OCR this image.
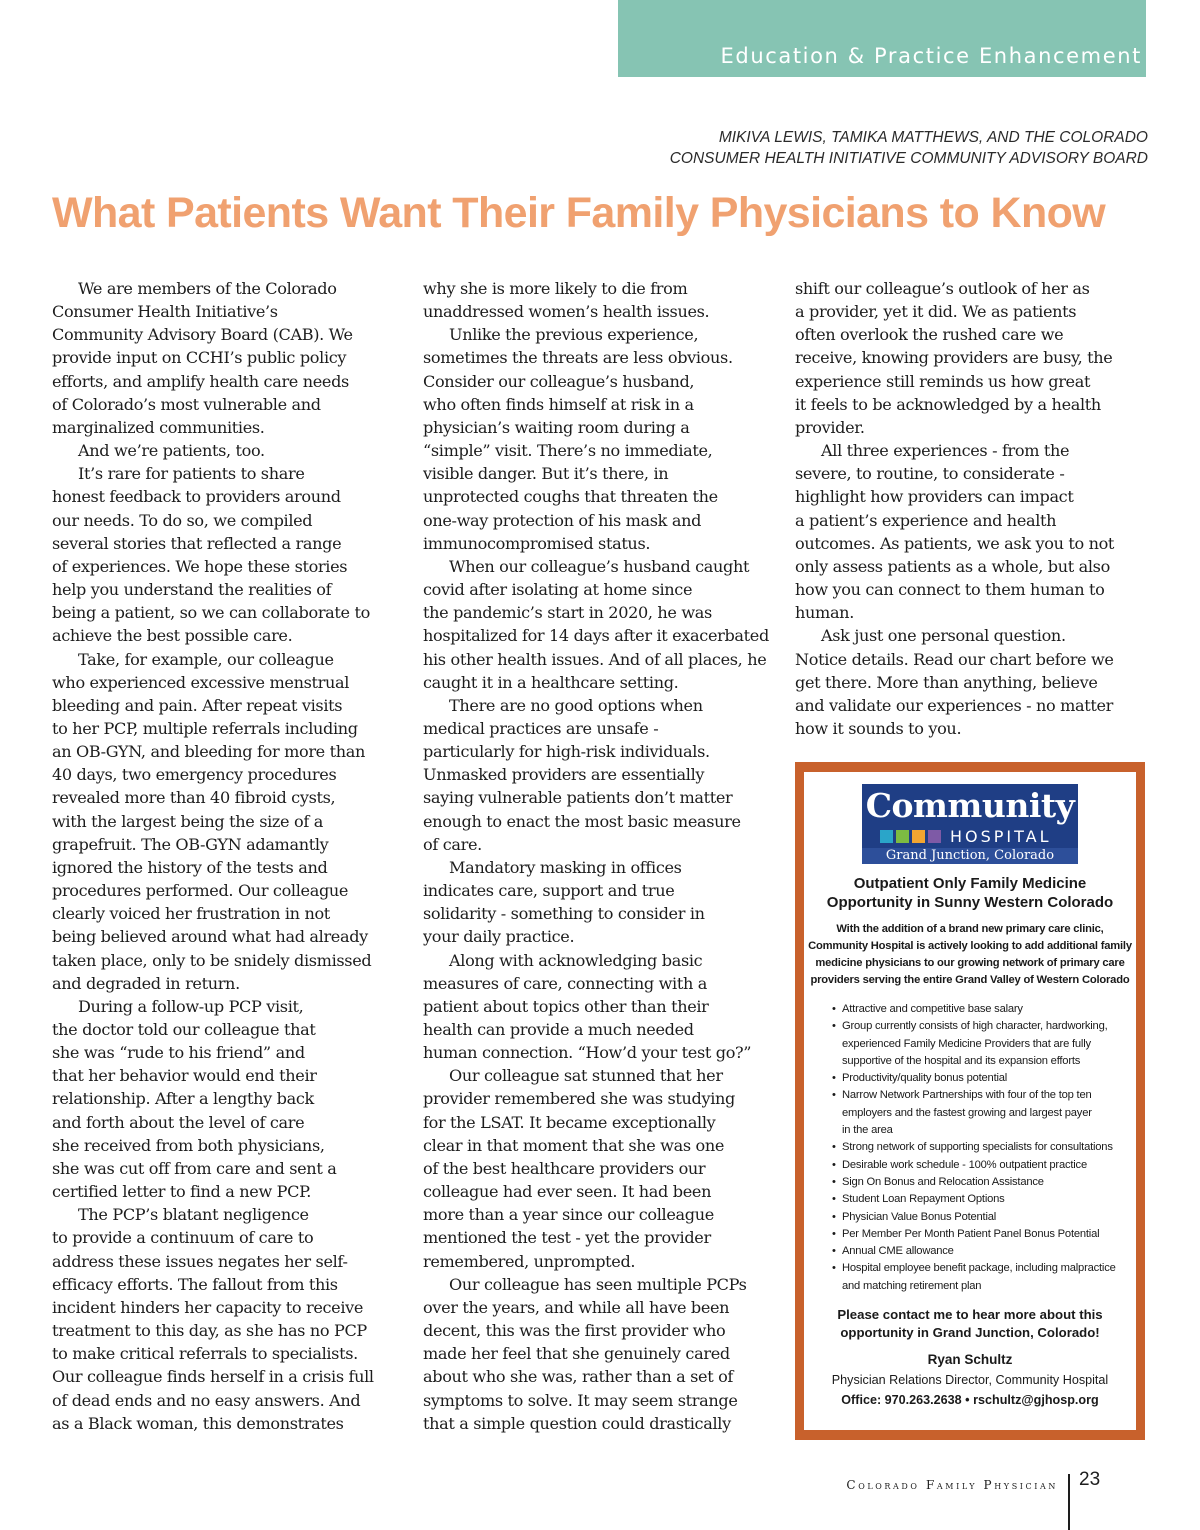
Education & Practice Enhancement
MIKIVA LEWIS, TAMIKA MATTHEWS, AND THE COLORADO
CONSUMER HEALTH INITIATIVE COMMUNITY ADVISORY BOARD
What Patients Want Their Family Physicians to Know

We are members of the Colorado
Consumer Health Initiative’s
Community Advisory Board (CAB). We
provide input on CCHI’s public policy
efforts, and amplify health care needs
of Colorado’s most vulnerable and
marginalized communities.

And we’re patients, too.

It’s rare for patients to share
honest feedback to providers around
our needs. To do so, we compiled
several stories that reflected a range
of experiences. We hope these stories
help you understand the realities of
being a patient, so we can collaborate to
achieve the best possible care.

Take, for example, our colleague
who experienced excessive menstrual
bleeding and pain. After repeat visits
to her PCP, multiple referrals including
an OB-GYN, and bleeding for more than
40 days, two emergency procedures
revealed more than 40 fibroid cysts,
with the largest being the size of a
grapefruit. The OB-GYN adamantly
ignored the history of the tests and
procedures performed. Our colleague
clearly voiced her frustration in not
being believed around what had already
taken place, only to be snidely dismissed
and degraded in return.

During a follow-up PCP visit,
the doctor told our colleague that
she was “rude to his friend” and
that her behavior would end their
relationship. After a lengthy back
and forth about the level of care
she received from both physicians,
she was cut off from care and sent a
certified letter to find a new PCP.

The PCP’s blatant negligence
to provide a continuum of care to
address these issues negates her self-
efficacy efforts. The fallout from this
incident hinders her capacity to receive
treatment to this day, as she has no PCP
to make critical referrals to specialists.
Our colleague finds herself in a crisis full
of dead ends and no easy answers. And
as a Black woman, this demonstrates

why she is more likely to die from
unaddressed women’s health issues.

Unlike the previous experience,
sometimes the threats are less obvious.
Consider our colleague’s husband,
who often finds himself at risk in a
physician’s waiting room during a
“simple” visit. There’s no immediate,
visible danger. But it’s there, in
unprotected coughs that threaten the
one-way protection of his mask and
immunocompromised status.

When our colleague’s husband caught
covid after isolating at home since
the pandemic’s start in 2020, he was
hospitalized for 14 days after it exacerbated
his other health issues. And of all places, he
caught it in a healthcare setting.

There are no good options when
medical practices are unsafe -
particularly for high-risk individuals.
Unmasked providers are essentially
saying vulnerable patients don’t matter
enough to enact the most basic measure
of care.

Mandatory masking in offices
indicates care, support and true
solidarity - something to consider in
your daily practice.

Along with acknowledging basic
measures of care, connecting with a
patient about topics other than their
health can provide a much needed
human connection. “How’d your test go?”

Our colleague sat stunned that her
provider remembered she was studying
for the LSAT. It became exceptionally
clear in that moment that she was one
of the best healthcare providers our
colleague had ever seen. It had been
more than a year since our colleague
mentioned the test - yet the provider
remembered, unprompted.

Our colleague has seen multiple PCPs
over the years, and while all have been
decent, this was the first provider who
made her feel that she genuinely cared
about who she was, rather than a set of
symptoms to solve. It may seem strange
that a simple question could drastically

shift our colleague’s outlook of her as
a provider, yet it did. We as patients
often overlook the rushed care we
receive, knowing providers are busy, the
experience still reminds us how great
it feels to be acknowledged by a health
provider.

All three experiences - from the
severe, to routine, to considerate -
highlight how providers can impact
a patient’s experience and health
outcomes. As patients, we ask you to not
only assess patients as a whole, but also
how you can connect to them human to
human.

Ask just one personal question.
Notice details. Read our chart before we
get there. More than anything, believe
and validate our experiences - no matter
how it sounds to you.

Community
HOSPITAL
Grand Junction, Colorado
Outpatient Only Family Medicine
Opportunity in Sunny Western Colorado
With the addition of a brand new primary care clinic,
Community Hospital is actively looking to add additional family
medicine physicians to our growing network of primary care
providers serving the entire Grand Valley of Western Colorado
• Attractive and competitive base salary
• Group currently consists of high character, hardworking,
experienced Family Medicine Providers that are fully
supportive of the hospital and its expansion efforts
• Productivity/quality bonus potential
• Narrow Network Partnerships with four of the top ten
employers and the fastest growing and largest payer
in the area
• Strong network of supporting specialists for consultations
• Desirable work schedule - 100% outpatient practice
• Sign On Bonus and Relocation Assistance
• Student Loan Repayment Options
• Physician Value Bonus Potential
• Per Member Per Month Patient Panel Bonus Potential
• Annual CME allowance
• Hospital employee benefit package, including malpractice
and matching retirement plan
Please contact me to hear more about this
opportunity in Grand Junction, Colorado!
Ryan Schultz
Physician Relations Director, Community Hospital
Office: 970.263.2638 • rschultz@gjhosp.org
Colorado Family Physician 23
